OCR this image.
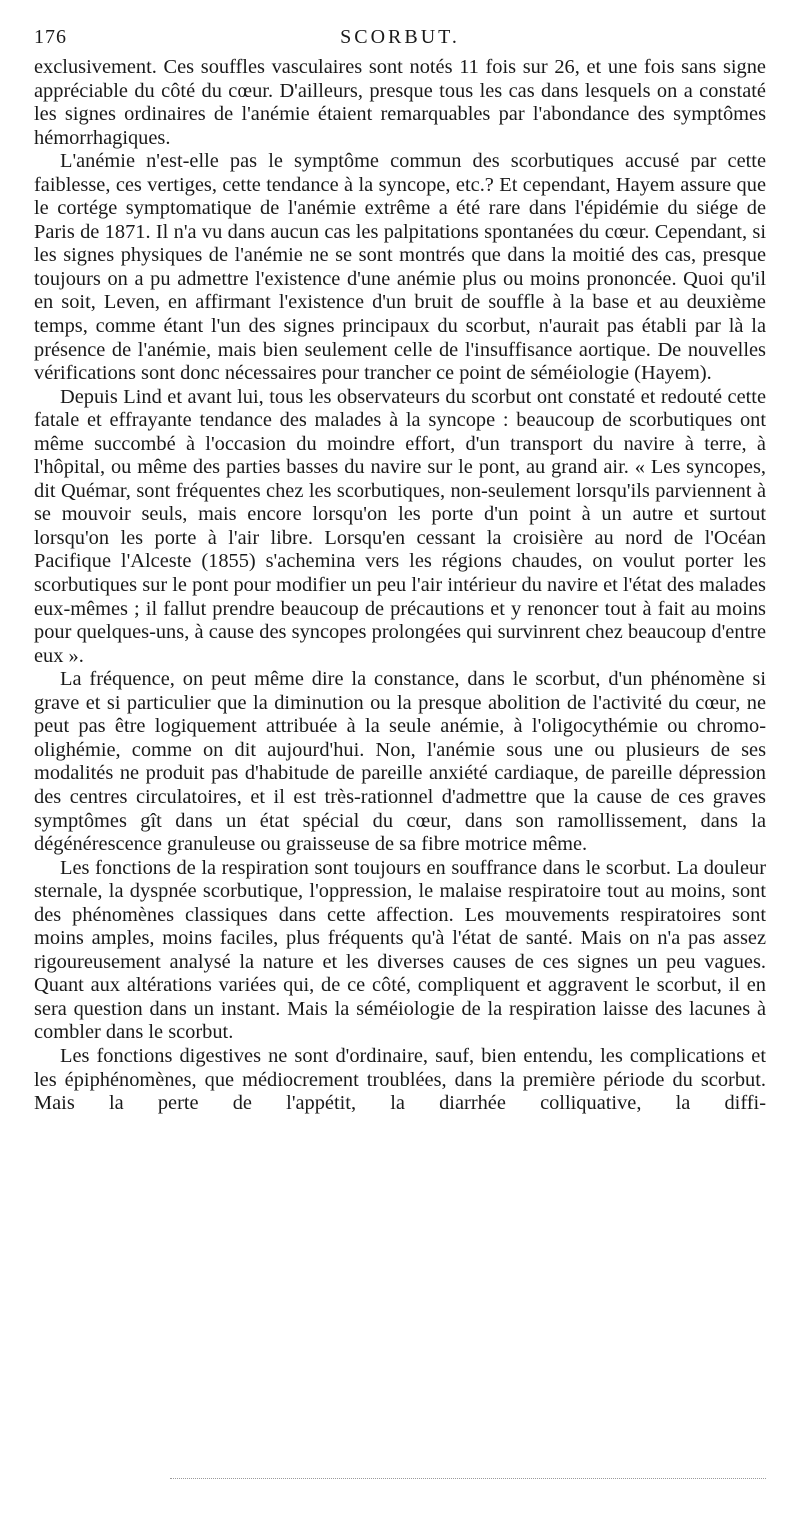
176	SCORBUT.

exclusivement. Ces souffles vasculaires sont notés 11 fois sur 26, et une fois sans signe appréciable du côté du cœur. D'ailleurs, presque tous les cas dans lesquels on a constaté les signes ordinaires de l'anémie étaient remarquables par l'abondance des symptômes hémorrhagiques.

L'anémie n'est-elle pas le symptôme commun des scorbutiques accusé par cette faiblesse, ces vertiges, cette tendance à la syncope, etc.? Et cependant, Hayem assure que le cortége symptomatique de l'anémie extrême a été rare dans l'épidémie du siége de Paris de 1871. Il n'a vu dans aucun cas les palpitations spontanées du cœur. Cependant, si les signes physiques de l'anémie ne se sont montrés que dans la moitié des cas, presque toujours on a pu admettre l'existence d'une anémie plus ou moins prononcée. Quoi qu'il en soit, Leven, en affirmant l'existence d'un bruit de souffle à la base et au deuxième temps, comme étant l'un des signes principaux du scorbut, n'aurait pas établi par là la présence de l'anémie, mais bien seulement celle de l'insuffisance aortique. De nouvelles vérifications sont donc nécessaires pour trancher ce point de séméiologie (Hayem).

Depuis Lind et avant lui, tous les observateurs du scorbut ont constaté et redouté cette fatale et effrayante tendance des malades à la syncope : beaucoup de scorbutiques ont même succombé à l'occasion du moindre effort, d'un transport du navire à terre, à l'hôpital, ou même des parties basses du navire sur le pont, au grand air. « Les syncopes, dit Quémar, sont fréquentes chez les scorbutiques, non-seulement lorsqu'ils parviennent à se mouvoir seuls, mais encore lorsqu'on les porte d'un point à un autre et surtout lorsqu'on les porte à l'air libre. Lorsqu'en cessant la croisière au nord de l'Océan Pacifique l'Alceste (1855) s'achemina vers les régions chaudes, on voulut porter les scorbutiques sur le pont pour modifier un peu l'air intérieur du navire et l'état des malades eux-mêmes ; il fallut prendre beaucoup de précautions et y renoncer tout à fait au moins pour quelques-uns, à cause des syncopes prolongées qui survinrent chez beaucoup d'entre eux ».

La fréquence, on peut même dire la constance, dans le scorbut, d'un phénomène si grave et si particulier que la diminution ou la presque abolition de l'activité du cœur, ne peut pas être logiquement attribuée à la seule anémie, à l'oligocythémie ou chromo-olighémie, comme on dit aujourd'hui. Non, l'anémie sous une ou plusieurs de ses modalités ne produit pas d'habitude de pareille anxiété cardiaque, de pareille dépression des centres circulatoires, et il est très-rationnel d'admettre que la cause de ces graves symptômes gît dans un état spécial du cœur, dans son ramollissement, dans la dégénérescence granuleuse ou graisseuse de sa fibre motrice même.

Les fonctions de la respiration sont toujours en souffrance dans le scorbut. La douleur sternale, la dyspnée scorbutique, l'oppression, le malaise respiratoire tout au moins, sont des phénomènes classiques dans cette affection. Les mouvements respiratoires sont moins amples, moins faciles, plus fréquents qu'à l'état de santé. Mais on n'a pas assez rigoureusement analysé la nature et les diverses causes de ces signes un peu vagues. Quant aux altérations variées qui, de ce côté, compliquent et aggravent le scorbut, il en sera question dans un instant. Mais la séméiologie de la respiration laisse des lacunes à combler dans le scorbut.

Les fonctions digestives ne sont d'ordinaire, sauf, bien entendu, les complications et les épiphénomènes, que médiocrement troublées, dans la première période du scorbut. Mais la perte de l'appétit, la diarrhée colliquative, la diffi-
